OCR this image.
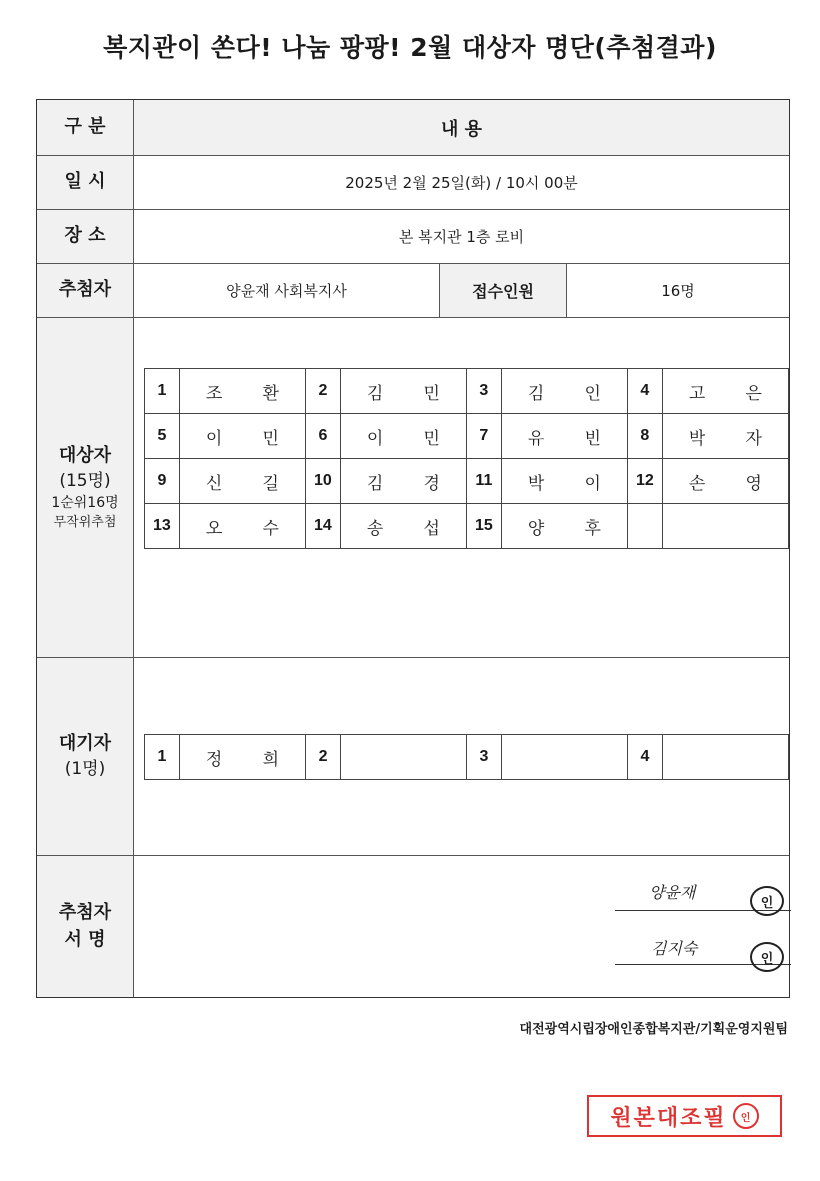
복지관이 쏜다! 나눔 팡팡! 2월 대상자 명단(추첨결과)
구 분	내 용
일 시	2025년 2월 25일(화) / 10시 00분
장 소	본 복지관 1층 로비
추첨자	양윤재 사회복지사	접수인원	16명
대상자
(15명)
1순위16명
무작위추첨
1	조 환	2	김 민	3	김 인	4	고 은

5	이 민	6	이 민	7	유 빈	8	박 자

9	신 길	10	김 경	11	박 이	12	손 영

13	오 수	14	송 섭	15	양 후		

대기자
(1명)
1	정 희	2		3		4	
추첨자
서 명
양윤재
인
김지숙
인
대전광역시립장애인종합복지관/기획운영지원팀
원본대조필	인
